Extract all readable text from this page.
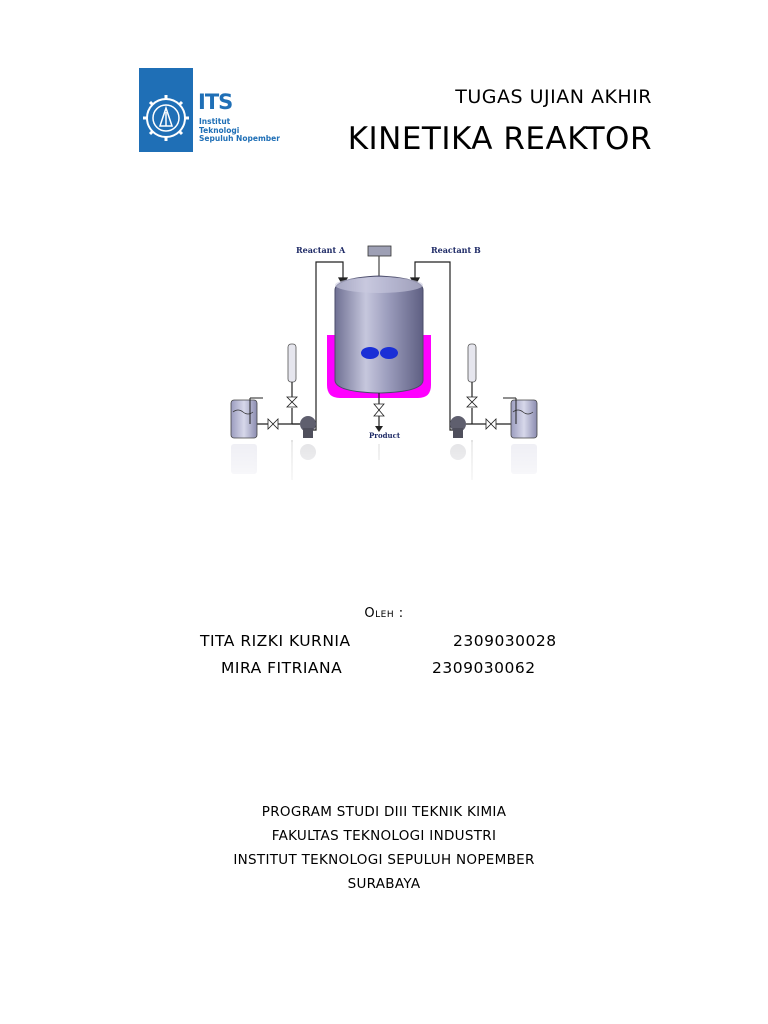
ITS
Institut
Teknologi
Sepuluh Nopember
TUGAS UJIAN AKHIR
KINETIKA REAKTOR
Reactant A	Reactant B
Product
Oleh :
TITA RIZKI KURNIA	2309030028
MIRA FITRIANA	2309030062
PROGRAM STUDI DIII TEKNIK KIMIA
FAKULTAS TEKNOLOGI INDUSTRI
INSTITUT TEKNOLOGI SEPULUH NOPEMBER
SURABAYA
